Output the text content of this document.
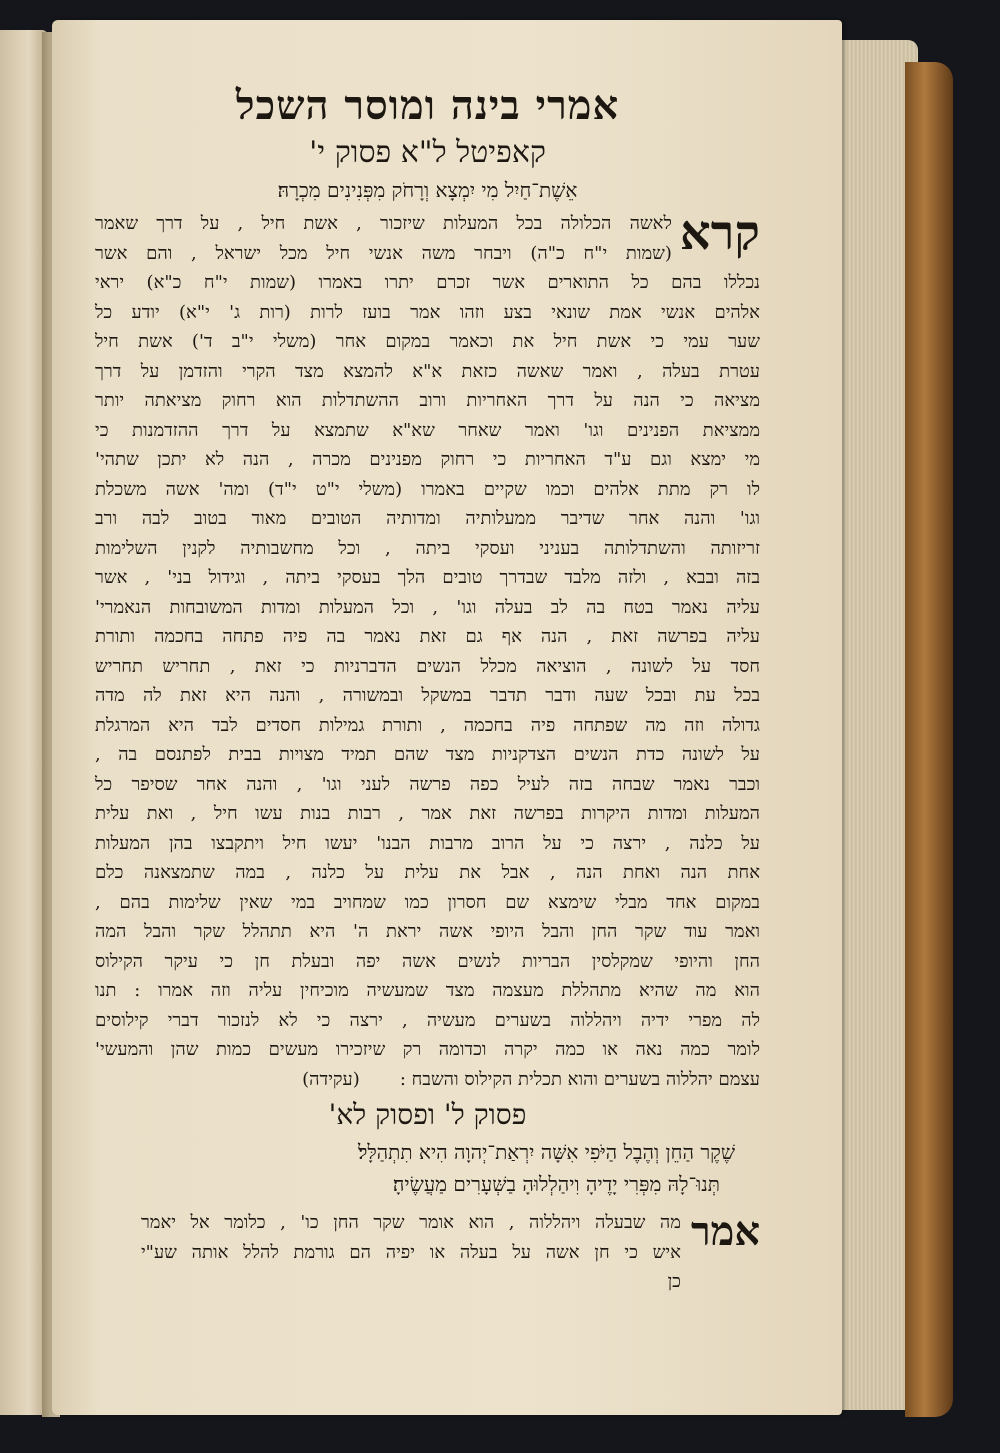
אמרי בינה ומוסר השכל
קאפיטל ל"א פסוק י'
אֵשֶׁת־חַיִל מִי יִמְצָא וְרָחֹק מִפְּנִינִים מִכְרָהּ׃
קרא
לאשה הכלולה בכל המעלות שיזכור , אשת חיל , על דרך שאמר
(שמות י"ח כ"ה) ויבחר משה אנשי חיל מכל ישראל , והם אשר
נכללו בהם כל התוארים אשר זכרם יתרו באמרו (שמות י"ח כ"א) יראי
אלהים אנשי אמת שונאי בצע וזהו אמר בועז לרות (רות ג' י"א) יודע כל
שער עמי כי אשת חיל את וכאמר במקום אחר (משלי י"ב ד') אשת חיל
עטרת בעלה , ואמר שאשה כזאת א"א להמצא מצד הקרי והזדמן על דרך
מציאה כי הנה על דרך האחריות ורוב ההשתדלות הוא רחוק מציאתה יותר
ממציאת הפנינים וגו' ואמר שאחר שא"א שתמצא על דרך ההזדמנות כי
מי ימצא וגם ע"ד האחריות כי רחוק מפנינים מכרה , הנה לא יתכן שתהי'
לו רק מתת אלהים וכמו שקיים באמרו (משלי י"ט י"ד) ומה' אשה משכלת
וגו' והנה אחר שדיבר ממעלותיה ומדותיה הטובים מאוד בטוב לבה ורב
זריזותה והשתדלותה בעניני ועסקי ביתה , וכל מחשבותיה לקנין השלימות
בזה ובבא , ולזה מלבד שבדרך טובים הלך בעסקי ביתה , וגידול בני' , אשר
עליה נאמר בטח בה לב בעלה וגו' , וכל המעלות ומדות המשובחות הנאמרי'
עליה בפרשה זאת , הנה אף גם זאת נאמר בה פיה פתחה בחכמה ותורת
חסד על לשונה , הוציאה מכלל הנשים הדברניות כי זאת , תחריש תחריש
בכל עת ובכל שעה ודבר תדבר במשקל ובמשורה , והנה היא זאת לה מדה
גדולה וזה מה שפתחה פיה בחכמה , ותורת גמילות חסדים לבד היא המרגלת
על לשונה כדת הנשים הצדקניות מצד שהם תמיד מצויות בבית לפתנסם בה ,
וכבר נאמר שבחה בזה לעיל כפה פרשה לעני וגו' , והנה אחר שסיפר כל
המעלות ומדות היקרות בפרשה זאת אמר , רבות בנות עשו חיל , ואת עלית
על כלנה , ירצה כי על הרוב מרבות הבנו' יעשו חיל ויתקבצו בהן המעלות
אחת הנה ואחת הנה , אבל את עלית על כלנה , במה שתמצאנה כלם
במקום אחד מבלי שימצא שם חסרון כמו שמחויב במי שאין שלימות בהם ,
ואמר עוד שקר החן והבל היופי אשה יראת ה' היא תתהלל שקר והבל המה
החן והיופי שמקלסין הבריות לנשים אשה יפה ובעלת חן כי עיקר הקילוס
הוא מה שהיא מתהללת מעצמה מצד שמעשיה מוכיחין עליה וזה אמרו : תנו
לה מפרי ידיה ויהללוה בשערים מעשיה , ירצה כי לא לנזכור דברי קילוסים
לומר כמה נאה או כמה יקרה וכדומה רק שיזכירו מעשים כמות שהן והמעשי'
עצמם יהללוה בשערים והוא תכלית הקילוס והשבח :       (עקידה)
פסוק ל' ופסוק לא'
שֶׁקֶר הַחֵן וְהֶבֶל הַיֹּפִי אִשָּׁה יִרְאַת־יְהוָה הִיא תִתְהַלָּל׃
תְּנוּ־לָהּ מִפְּרִי יָדֶיהָ וִיהַלְלוּהָ בַשְּׁעָרִים מַעֲשֶׂיהָ׃
אמר
מה שבעלה ויהללוה , הוא אומר שקר החן כו' , כלומר אל יאמר
איש כי חן אשה על בעלה או יפיה הם גורמת להלל אותה שע"י
כן
